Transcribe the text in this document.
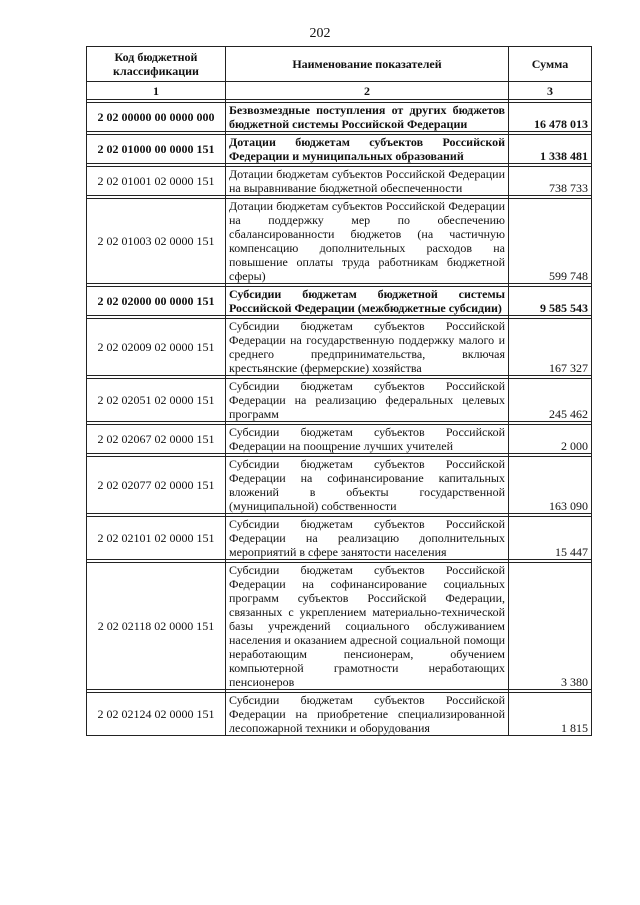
202
Код бюджетной классификации	Наименование показателей	Сумма
1	2	3

2 02 00000 00 0000 000	Безвозмездные поступления от других бюджетов бюджетной системы Российской Федерации	16 478 013

2 02 01000 00 0000 151	Дотации бюджетам субъектов Российской Федерации и муниципальных образований	1 338 481

2 02 01001 02 0000 151	Дотации бюджетам субъектов Российской Федерации на выравнивание бюджетной обеспеченности	738 733

2 02 01003 02 0000 151	Дотации бюджетам субъектов Российской Федерации на поддержку мер по обеспечению сбалансированности бюджетов (на частичную компенсацию дополнительных расходов на повышение оплаты труда работникам бюджетной сферы)	599 748

2 02 02000 00 0000 151	Субсидии бюджетам бюджетной системы Российской Федерации (межбюджетные субсидии)	9 585 543

2 02 02009 02 0000 151	Субсидии бюджетам субъектов Российской Федерации на государственную поддержку малого и среднего предпринимательства, включая крестьянские (фермерские) хозяйства	167 327

2 02 02051 02 0000 151	Субсидии бюджетам субъектов Российской Федерации на реализацию федеральных целевых программ	245 462

2 02 02067 02 0000 151	Субсидии бюджетам субъектов Российской Федерации на поощрение лучших учителей	2 000

2 02 02077 02 0000 151	Субсидии бюджетам субъектов Российской Федерации на софинансирование капитальных вложений в объекты государственной (муниципальной) собственности	163 090

2 02 02101 02 0000 151	Субсидии бюджетам субъектов Российской Федерации на реализацию дополнительных мероприятий в сфере занятости населения	15 447

2 02 02118 02 0000 151	Субсидии бюджетам субъектов Российской Федерации на софинансирование социальных программ субъектов Российской Федерации, связанных с укреплением материально-технической базы учреждений социального обслуживанием населения и оказанием адресной социальной помощи неработающим пенсионерам, обучением компьютерной грамотности неработающих пенсионеров	3 380

2 02 02124 02 0000 151	Субсидии бюджетам субъектов Российской Федерации на приобретение специализированной лесопожарной техники и оборудования	1 815
